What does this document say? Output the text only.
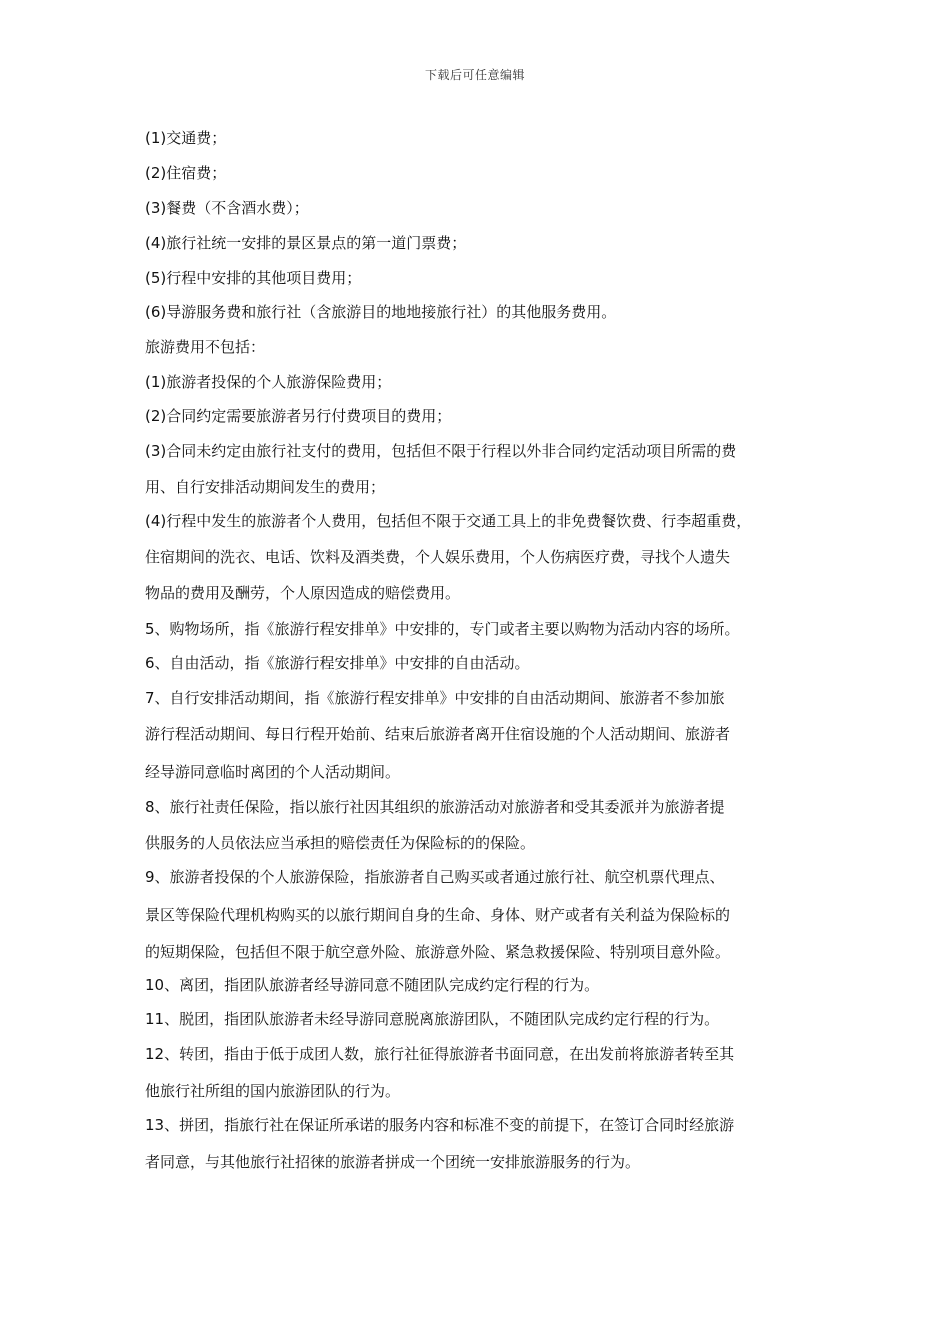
下载后可任意编辑
(1)交通费；
(2)住宿费；
(3)餐费（不含酒水费）；
(4)旅行社统一安排的景区景点的第一道门票费；
(5)行程中安排的其他项目费用；
(6)导游服务费和旅行社（含旅游目的地地接旅行社）的其他服务费用。
旅游费用不包括：
(1)旅游者投保的个人旅游保险费用；
(2)合同约定需要旅游者另行付费项目的费用；
(3)合同未约定由旅行社支付的费用，包括但不限于行程以外非合同约定活动项目所需的费
用、自行安排活动期间发生的费用；
(4)行程中发生的旅游者个人费用，包括但不限于交通工具上的非免费餐饮费、行李超重费，
住宿期间的洗衣、电话、饮料及酒类费，个人娱乐费用，个人伤病医疗费，寻找个人遗失
物品的费用及酬劳，个人原因造成的赔偿费用。
5、购物场所，指《旅游行程安排单》中安排的，专门或者主要以购物为活动内容的场所。
6、自由活动，指《旅游行程安排单》中安排的自由活动。
7、自行安排活动期间，指《旅游行程安排单》中安排的自由活动期间、旅游者不参加旅
游行程活动期间、每日行程开始前、结束后旅游者离开住宿设施的个人活动期间、旅游者
经导游同意临时离团的个人活动期间。
8、旅行社责任保险，指以旅行社因其组织的旅游活动对旅游者和受其委派并为旅游者提
供服务的人员依法应当承担的赔偿责任为保险标的的保险。
9、旅游者投保的个人旅游保险，指旅游者自己购买或者通过旅行社、航空机票代理点、
景区等保险代理机构购买的以旅行期间自身的生命、身体、财产或者有关利益为保险标的
的短期保险，包括但不限于航空意外险、旅游意外险、紧急救援保险、特别项目意外险。
10、离团，指团队旅游者经导游同意不随团队完成约定行程的行为。
11、脱团，指团队旅游者未经导游同意脱离旅游团队，不随团队完成约定行程的行为。
12、转团，指由于低于成团人数，旅行社征得旅游者书面同意，在出发前将旅游者转至其
他旅行社所组的国内旅游团队的行为。
13、拼团，指旅行社在保证所承诺的服务内容和标准不变的前提下，在签订合同时经旅游
者同意，与其他旅行社招徕的旅游者拼成一个团统一安排旅游服务的行为。
